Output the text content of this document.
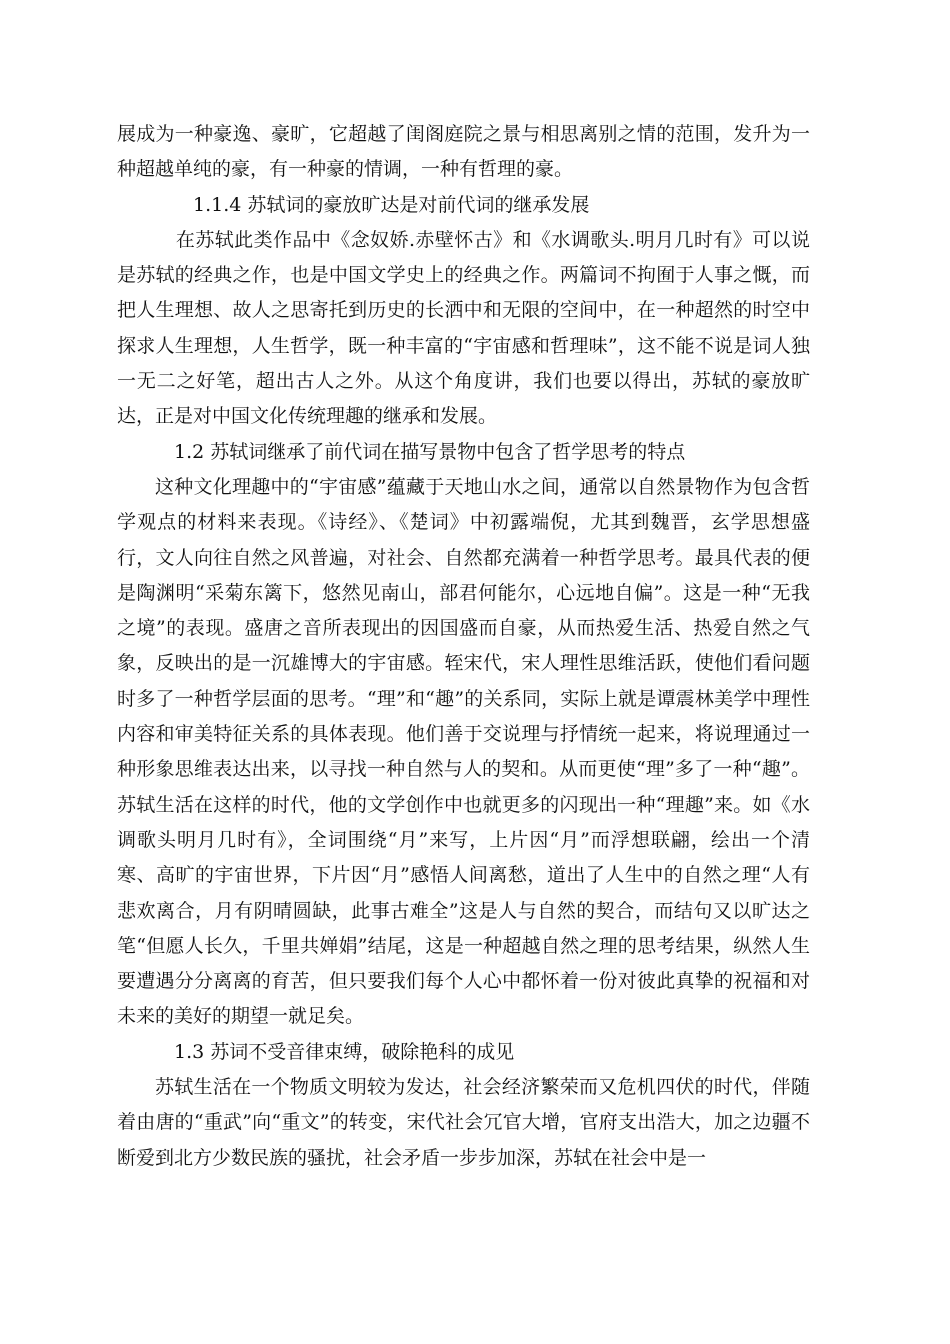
展成为一种豪逸、豪旷，它超越了闺阁庭院之景与相思离别之情的范围，发升为一种超越单纯的豪，有一种豪的情调，一种有哲理的豪。

1.1.4 苏轼词的豪放旷达是对前代词的继承发展

在苏轼此类作品中《念奴娇.赤壁怀古》和《水调歌头.明月几时有》可以说是苏轼的经典之作，也是中国文学史上的经典之作。两篇词不拘囿于人事之慨，而把人生理想、故人之思寄托到历史的长洒中和无限的空间中，在一种超然的时空中探求人生理想，人生哲学，既一种丰富的“宇宙感和哲理味”，这不能不说是词人独一无二之好笔，超出古人之外。从这个角度讲，我们也要以得出，苏轼的豪放旷达，正是对中国文化传统理趣的继承和发展。

1.2 苏轼词继承了前代词在描写景物中包含了哲学思考的特点

这种文化理趣中的“宇宙感”蕴藏于天地山水之间，通常以自然景物作为包含哲学观点的材料来表现。《诗经》、《楚词》中初露端倪，尤其到魏晋，玄学思想盛行，文人向往自然之风普遍，对社会、自然都充满着一种哲学思考。最具代表的便是陶渊明“采菊东篱下，悠然见南山，部君何能尔，心远地自偏”。这是一种“无我之境”的表现。盛唐之音所表现出的因国盛而自豪，从而热爱生活、热爱自然之气象，反映出的是一沉雄博大的宇宙感。轾宋代，宋人理性思维活跃，使他们看问题时多了一种哲学层面的思考。“理”和“趣”的关系同，实际上就是谭震林美学中理性内容和审美特征关系的具体表现。他们善于交说理与抒情统一起来，将说理通过一种形象思维表达出来，以寻找一种自然与人的契和。从而更使“理”多了一种“趣”。苏轼生活在这样的时代，他的文学创作中也就更多的闪现出一种“理趣”来。如《水调歌头明月几时有》，全词围绕“月”来写，上片因“月”而浮想联翩，绘出一个清寒、高旷的宇宙世界，下片因“月”感悟人间离愁，道出了人生中的自然之理“人有悲欢离合，月有阴晴圆缺，此事古难全”这是人与自然的契合，而结句又以旷达之笔“但愿人长久，千里共婵娟”结尾，这是一种超越自然之理的思考结果，纵然人生要遭遇分分离离的育苦，但只要我们每个人心中都怀着一份对彼此真挚的祝福和对未来的美好的期望一就足矣。

1.3 苏词不受音律束缚，破除艳科的成见

苏轼生活在一个物质文明较为发达，社会经济繁荣而又危机四伏的时代，伴随着由唐的“重武”向“重文”的转变，宋代社会冗官大增，官府支出浩大，加之边疆不断爱到北方少数民族的骚扰，社会矛盾一步步加深，苏轼在社会中是一
